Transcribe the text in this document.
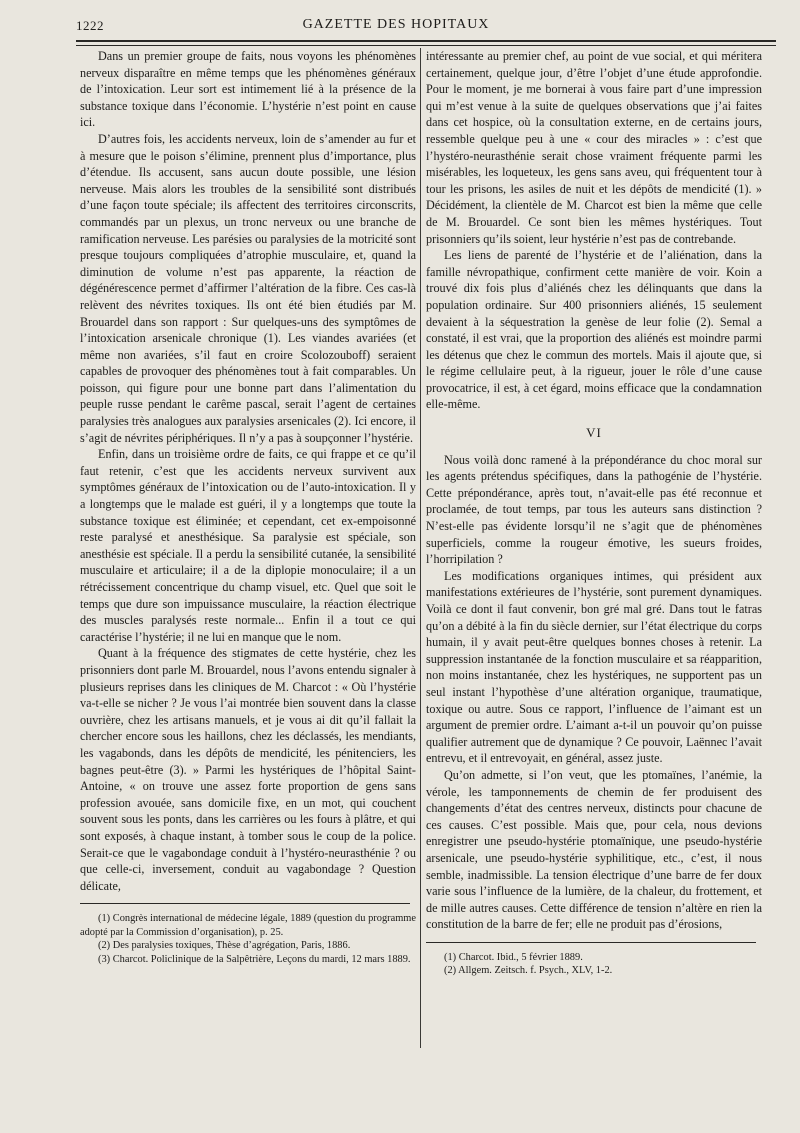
1222	GAZETTE DES HOPITAUX

Dans un premier groupe de faits, nous voyons les phénomènes nerveux disparaître en même temps que les phénomènes généraux de l’intoxication. Leur sort est intimement lié à la présence de la substance toxique dans l’économie. L’hystérie n’est point en cause ici.

D’autres fois, les accidents nerveux, loin de s’amender au fur et à mesure que le poison s’élimine, prennent plus d’importance, plus d’étendue. Ils accusent, sans aucun doute possible, une lésion nerveuse. Mais alors les troubles de la sensibilité sont distribués d’une façon toute spéciale; ils affectent des territoires circonscrits, commandés par un plexus, un tronc nerveux ou une branche de ramification nerveuse. Les parésies ou paralysies de la motricité sont presque toujours compliquées d’atrophie musculaire, et, quand la diminution de volume n’est pas apparente, la réaction de dégénérescence permet d’affirmer l’altération de la fibre. Ces cas-là relèvent des névrites toxiques. Ils ont été bien étudiés par M. Brouardel dans son rapport : Sur quelques-uns des symptômes de l’intoxication arsenicale chronique (1). Les viandes avariées (et même non avariées, s’il faut en croire Scolozouboff) seraient capables de provoquer des phénomènes tout à fait comparables. Un poisson, qui figure pour une bonne part dans l’alimentation du peuple russe pendant le carême pascal, serait l’agent de certaines paralysies très analogues aux paralysies arsenicales (2). Ici encore, il s’agit de névrites périphériques. Il n’y a pas à soupçonner l’hystérie.

Enfin, dans un troisième ordre de faits, ce qui frappe et ce qu’il faut retenir, c’est que les accidents nerveux survivent aux symptômes généraux de l’intoxication ou de l’auto-intoxication. Il y a longtemps que le malade est guéri, il y a longtemps que toute la substance toxique est éliminée; et cependant, cet ex-empoisonné reste paralysé et anesthésique. Sa paralysie est spéciale, son anesthésie est spéciale. Il a perdu la sensibilité cutanée, la sensibilité musculaire et articulaire; il a de la diplopie monoculaire; il a un rétrécissement concentrique du champ visuel, etc. Quel que soit le temps que dure son impuissance musculaire, la réaction électrique des muscles paralysés reste normale... Enfin il a tout ce qui caractérise l’hystérie; il ne lui en manque que le nom.

Quant à la fréquence des stigmates de cette hystérie, chez les prisonniers dont parle M. Brouardel, nous l’avons entendu signaler à plusieurs reprises dans les cliniques de M. Charcot : « Où l’hystérie va-t-elle se nicher ? Je vous l’ai montrée bien souvent dans la classe ouvrière, chez les artisans manuels, et je vous ai dit qu’il fallait la chercher encore sous les haillons, chez les déclassés, les mendiants, les vagabonds, dans les dépôts de mendicité, les pénitenciers, les bagnes peut-être (3). » Parmi les hystériques de l’hôpital Saint-Antoine, « on trouve une assez forte proportion de gens sans profession avouée, sans domicile fixe, en un mot, qui couchent souvent sous les ponts, dans les carrières ou les fours à plâtre, et qui sont exposés, à chaque instant, à tomber sous le coup de la police. Serait-ce que le vagabondage conduit à l’hystéro-neurasthénie ? ou que celle-ci, inversement, conduit au vagabondage ? Question délicate,

(1) Congrès international de médecine légale, 1889 (question du programme adopté par la Commission d’organisation), p. 25.

(2) Des paralysies toxiques, Thèse d’agrégation, Paris, 1886.

(3) Charcot. Policlinique de la Salpêtrière, Leçons du mardi, 12 mars 1889.

intéressante au premier chef, au point de vue social, et qui méritera certainement, quelque jour, d’être l’objet d’une étude approfondie. Pour le moment, je me bornerai à vous faire part d’une impression qui m’est venue à la suite de quelques observations que j’ai faites dans cet hospice, où la consultation externe, en de certains jours, ressemble quelque peu à une « cour des miracles » : c’est que l’hystéro-neurasthénie serait chose vraiment fréquente parmi les misérables, les loqueteux, les gens sans aveu, qui fréquentent tour à tour les prisons, les asiles de nuit et les dépôts de mendicité (1). » Décidément, la clientèle de M. Charcot est bien la même que celle de M. Brouardel. Ce sont bien les mêmes hystériques. Tout prisonniers qu’ils soient, leur hystérie n’est pas de contrebande.

Les liens de parenté de l’hystérie et de l’aliénation, dans la famille névropathique, confirment cette manière de voir. Koin a trouvé dix fois plus d’aliénés chez les délinquants que dans la population ordinaire. Sur 400 prisonniers aliénés, 15 seulement devaient à la séquestration la genèse de leur folie (2). Semal a constaté, il est vrai, que la proportion des aliénés est moindre parmi les détenus que chez le commun des mortels. Mais il ajoute que, si le régime cellulaire peut, à la rigueur, jouer le rôle d’une cause provocatrice, il est, à cet égard, moins efficace que la condamnation elle-même.

VI

Nous voilà donc ramené à la prépondérance du choc moral sur les agents prétendus spécifiques, dans la pathogénie de l’hystérie. Cette prépondérance, après tout, n’avait-elle pas été reconnue et proclamée, de tout temps, par tous les auteurs sans distinction ? N’est-elle pas évidente lorsqu’il ne s’agit que de phénomènes superficiels, comme la rougeur émotive, les sueurs froides, l’horripilation ?

Les modifications organiques intimes, qui président aux manifestations extérieures de l’hystérie, sont purement dynamiques. Voilà ce dont il faut convenir, bon gré mal gré. Dans tout le fatras qu’on a débité à la fin du siècle dernier, sur l’état électrique du corps humain, il y avait peut-être quelques bonnes choses à retenir. La suppression instantanée de la fonction musculaire et sa réapparition, non moins instantanée, chez les hystériques, ne supportent pas un seul instant l’hypothèse d’une altération organique, traumatique, toxique ou autre. Sous ce rapport, l’influence de l’aimant est un argument de premier ordre. L’aimant a-t-il un pouvoir qu’on puisse qualifier autrement que de dynamique ? Ce pouvoir, Laënnec l’avait entrevu, et il entrevoyait, en général, assez juste.

Qu’on admette, si l’on veut, que les ptomaïnes, l’anémie, la vérole, les tamponnements de chemin de fer produisent des changements d’état des centres nerveux, distincts pour chacune de ces causes. C’est possible. Mais que, pour cela, nous devions enregistrer une pseudo-hystérie ptomaïnique, une pseudo-hystérie arsenicale, une pseudo-hystérie syphilitique, etc., c’est, il nous semble, inadmissible. La tension électrique d’une barre de fer doux varie sous l’influence de la lumière, de la chaleur, du frottement, et de mille autres causes. Cette différence de tension n’altère en rien la constitution de la barre de fer; elle ne produit pas d’érosions,

(1) Charcot. Ibid., 5 février 1889.

(2) Allgem. Zeitsch. f. Psych., XLV, 1-2.
